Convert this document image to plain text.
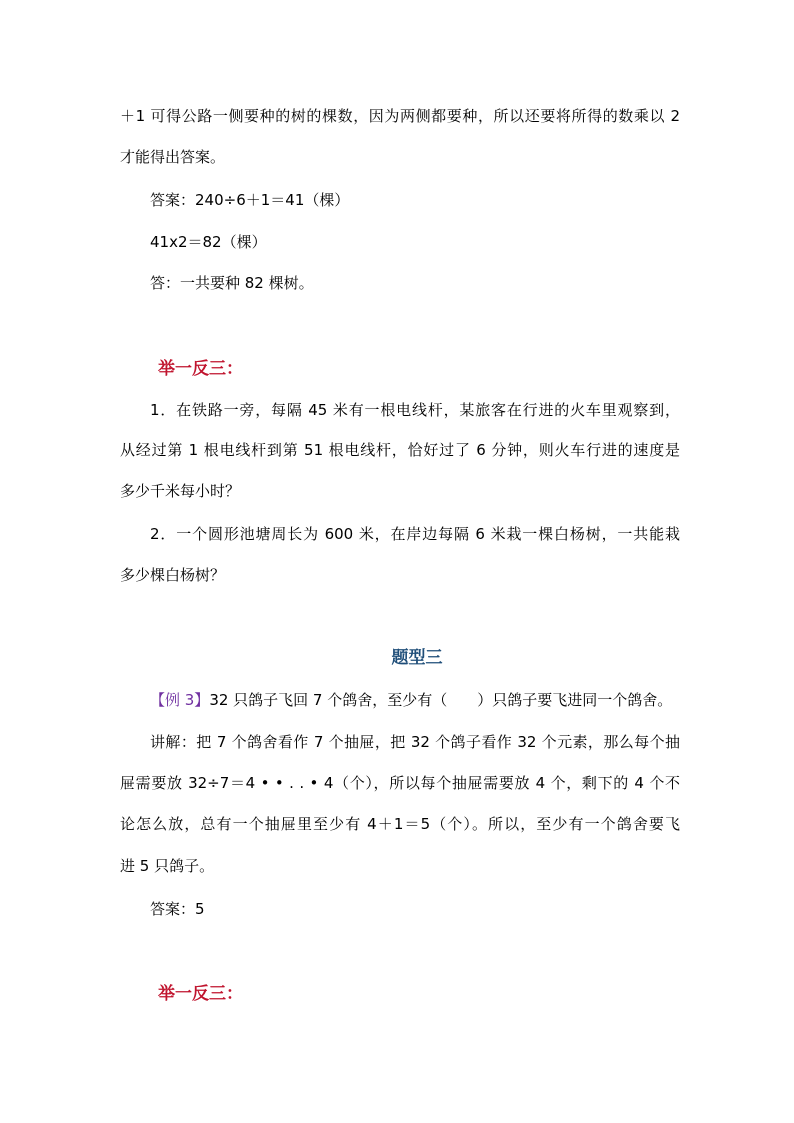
＋1 可得公路一侧要种的树的棵数，因为两侧都要种，所以还要将所得的数乘以 2
才能得出答案。
答案：240÷6＋1＝41（棵）
41x2＝82（棵）
答：一共要种 82 棵树。
举一反三：
1．在铁路一旁，每隔 45 米有一根电线杆，某旅客在行进的火车里观察到，
从经过第 1 根电线杆到第 51 根电线杆，恰好过了 6 分钟，则火车行进的速度是
多少千米每小时？
2．一个圆形池塘周长为 600 米，在岸边每隔 6 米栽一棵白杨树，一共能栽
多少棵白杨树？
题型三
【例 3】32 只鸽子飞回 7 个鸽舍，至少有（　　）只鸽子要飞进同一个鸽舍。
讲解：把 7 个鸽舍看作 7 个抽屉，把 32 个鸽子看作 32 个元素，那么每个抽
屉需要放 32÷7＝4 • • . . • 4（个），所以每个抽屉需要放 4 个，剩下的 4 个不
论怎么放，总有一个抽屉里至少有 4＋1＝5（个）。所以，至少有一个鸽舍要飞
进 5 只鸽子。
答案：5
举一反三：
